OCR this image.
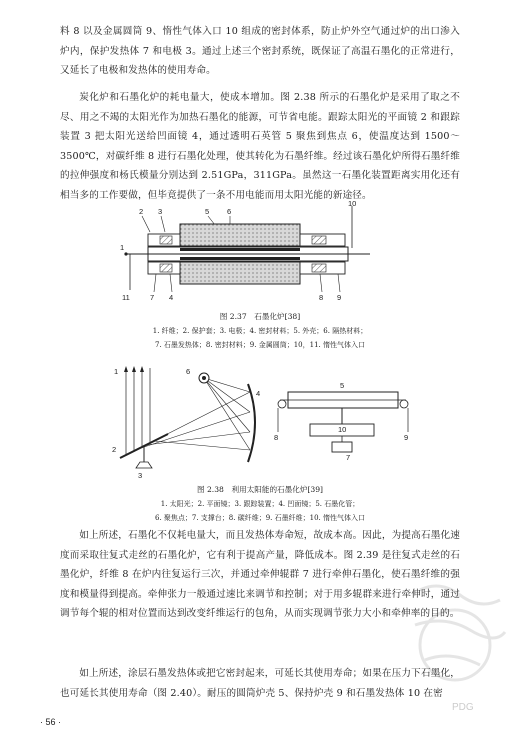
料 8 以及金属圆筒 9、惰性气体入口 10 组成的密封体系，防止炉外空气通过炉的出口渗入炉内，保护发热体 7 和电极 3。通过上述三个密封系统，既保证了高温石墨化的正常进行，又延长了电极和发热体的使用寿命。

炭化炉和石墨化炉的耗电量大，使成本增加。图 2.38 所示的石墨化炉是采用了取之不尽、用之不竭的太阳光作为加热石墨化的能源，可节省电能。跟踪太阳光的平面镜 2 和跟踪装置 3 把太阳光送给凹面镜 4，通过透明石英管 5 聚焦到焦点 6，使温度达到 1500～3500℃，对碳纤维 8 进行石墨化处理，使其转化为石墨纤维。经过该石墨化炉所得石墨纤维的拉伸强度和杨氏模量分别达到 2.51GPa，311GPa。虽然这一石墨化装置距离实用化还有相当多的工作要做，但毕竟提供了一条不用电能而用太阳光能的新途径。

2 3	5 6
10
1
11	7 4	8 9

图 2.37　石墨化炉[38]

1. 纤维；2. 保护套；3. 电极；4. 密封材料；5. 外壳；6. 隔热材料；

7. 石墨发热体；8. 密封材料；9. 金属圆筒；10，11. 惰性气体入口

1
2
3
4
6
5
8	9
10
7

图 2.38　利用太阳能的石墨化炉[39]

1. 太阳光；2. 平面镜；3. 跟踪装置；4. 凹面镜；5. 石墨化管；

6. 聚焦点；7. 支撑台；8. 碳纤维；9. 石墨纤维；10. 惰性气体入口

如上所述，石墨化不仅耗电量大，而且发热体寿命短，故成本高。因此，为提高石墨化速度而采取往复式走丝的石墨化炉，它有利于提高产量，降低成本。图 2.39 是往复式走丝的石墨化炉，纤维 8 在炉内往复运行三次，并通过牵伸辊群 7 进行牵伸石墨化，使石墨纤维的强度和模量得到提高。牵伸张力一般通过速比来调节和控制；对于用多辊群来进行牵伸时，通过调节每个辊的相对位置而达到改变纤维运行的包角，从而实现调节张力大小和牵伸率的目的。

如上所述，涂层石墨发热体或把它密封起来，可延长其使用寿命；如果在压力下石墨化，也可延长其使用寿命（图 2.40）。耐压的圆筒炉壳 5、保持炉壳 9 和石墨发热体 10 在密

· 56 ·
PDG
